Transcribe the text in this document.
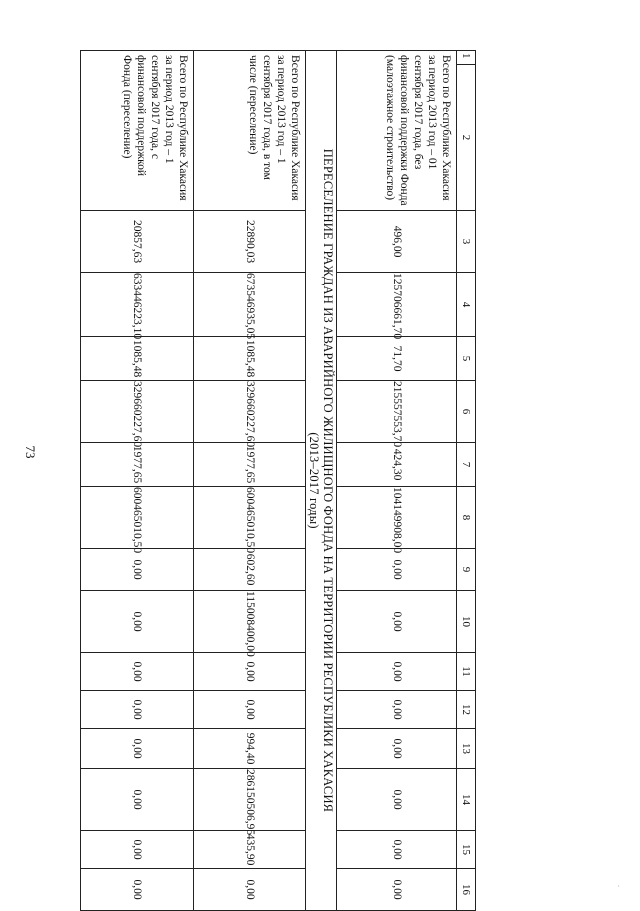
73
1	2	3	4	5	6	7	8	9	10	11	12	13	14	15	16
Всего по Республике Хакасия за период 2013 год – 01 сентября 2017 года, без финансовой поддержки Фонда (малоэтажное строительство)		496,00	125706661,70	71,70	215557553,70	424,30	104149908,00	0,00	0,00	0,00	0,00	0,00	0,00	0,00	0,00
ПЕРЕСЕЛЕНИЕ ГРАЖДАН ИЗ АВАРИЙНОГО ЖИЛИЩНОГО ФОНДА НА ТЕРРИТОРИИ РЕСПУБЛИКИ ХАКАСИЯ
(2013–2017 годы)															
Всего по Республике Хакасия за период 2013 год – 1 сентября 2017 года, в том числе (переселение)		22890,03	673546935,05	1085,48	329660227,60	1977,65	600465010,50	602,60	115008400,00	0,00	0,00	994,40	286150506,95	435,90	0,00
Всего по Республике Хакасия за период 2013 год – 1 сентября 2017 года, с финансовой поддержкой Фонда (переселение)		20857,63	633446223,10	1085,48	329660227,60	1977,65	600465010,50	0,00	0,00	0,00	0,00	0,00	0,00	0,00	0,00	·
